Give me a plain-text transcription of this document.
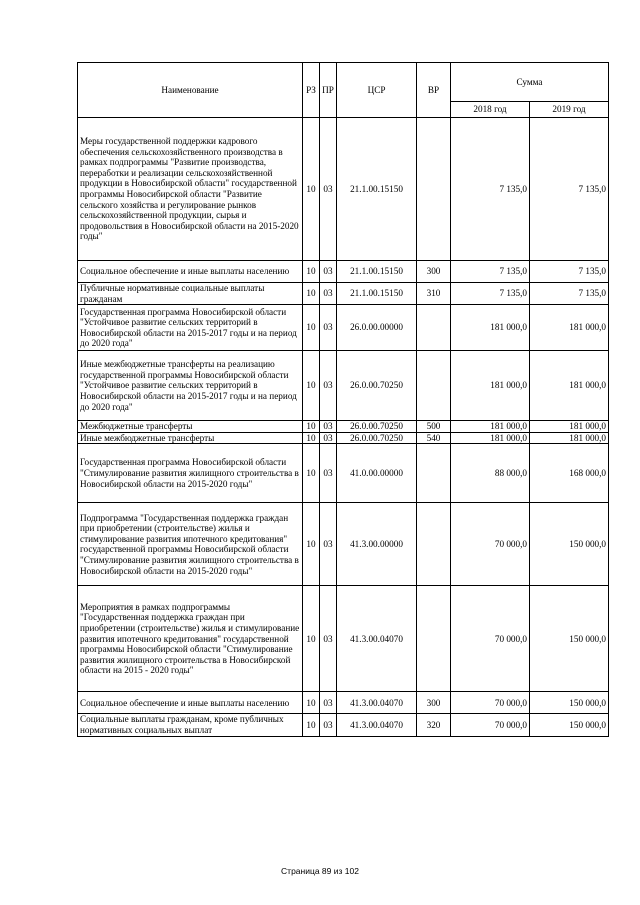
Наименование	РЗ	ПР	ЦСР	ВР	Сумма	
					2018 год	2019 год
Меры государственной поддержки кадрового обеспечения сельскохозяйственного производства в рамках подпрограммы "Развитие производства, переработки и реализации сельскохозяйственной продукции в Новосибирской области" государственной программы Новосибирской области "Развитие сельского хозяйства и регулирование рынков сельскохозяйственной продукции, сырья и продовольствия в Новосибирской области на 2015-2020 годы"	10	03	21.1.00.15150		7 135,0	7 135,0
Социальное обеспечение и иные выплаты населению	10	03	21.1.00.15150	300	7 135,0	7 135,0
Публичные нормативные социальные выплаты гражданам	10	03	21.1.00.15150	310	7 135,0	7 135,0
Государственная программа Новосибирской области "Устойчивое развитие сельских территорий в Новосибирской области на 2015-2017 годы и на период до 2020 года"	10	03	26.0.00.00000		181 000,0	181 000,0
Иные межбюджетные трансферты на реализацию государственной программы Новосибирской области "Устойчивое развитие сельских территорий в Новосибирской области на 2015-2017 годы и на период до 2020 года"	10	03	26.0.00.70250		181 000,0	181 000,0
Межбюджетные трансферты	10	03	26.0.00.70250	500	181 000,0	181 000,0
Иные межбюджетные трансферты	10	03	26.0.00.70250	540	181 000,0	181 000,0
Государственная программа Новосибирской области "Стимулирование развития жилищного строительства в Новосибирской области на 2015-2020 годы"	10	03	41.0.00.00000		88 000,0	168 000,0
Подпрограмма "Государственная поддержка граждан при приобретении (строительстве) жилья и стимулирование развития ипотечного кредитования" государственной программы Новосибирской области "Стимулирование развития жилищного строительства в Новосибирской области на 2015-2020 годы"	10	03	41.3.00.00000		70 000,0	150 000,0
Мероприятия в рамках подпрограммы "Государственная поддержка граждан при приобретении (строительстве) жилья и стимулирование развития ипотечного кредитования" государственной программы Новосибирской области "Стимулирование развития жилищного строительства в Новосибирской области на 2015 - 2020 годы"	10	03	41.3.00.04070		70 000,0	150 000,0
Социальное обеспечение и иные выплаты населению	10	03	41.3.00.04070	300	70 000,0	150 000,0
Социальные выплаты гражданам, кроме публичных нормативных социальных выплат	10	03	41.3.00.04070	320	70 000,0	150 000,0
Страница 89 из 102
